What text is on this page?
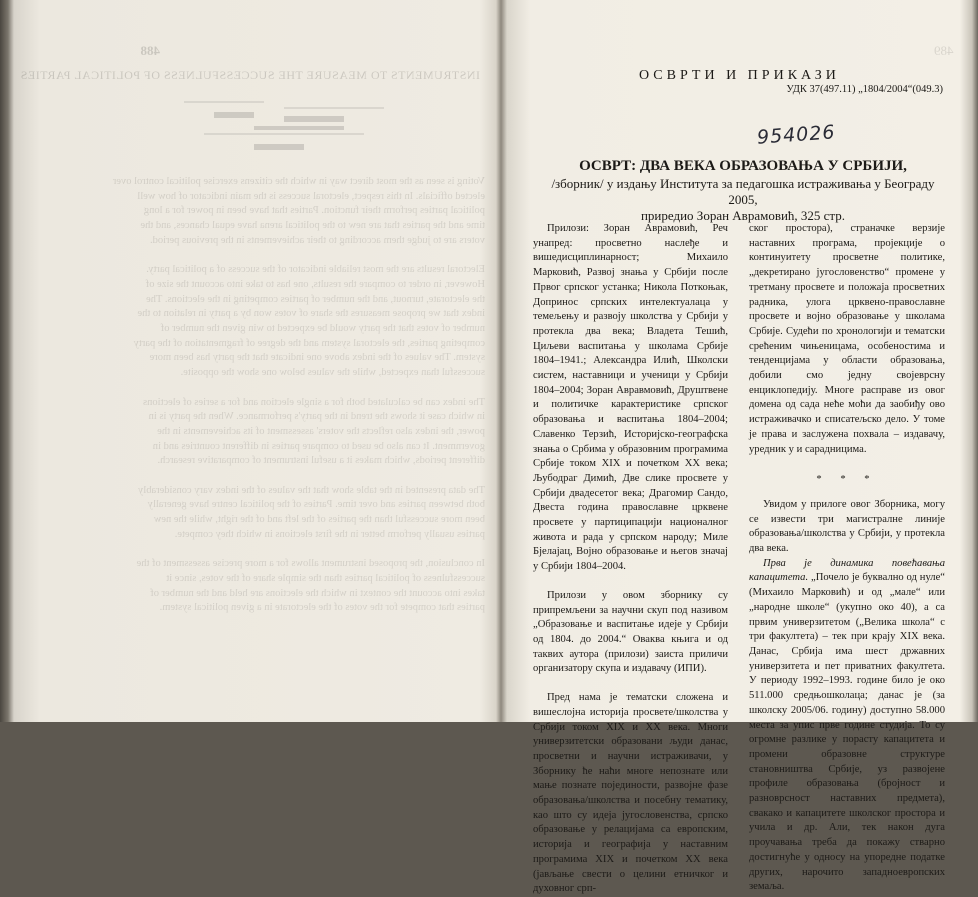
488
INSTRUMENTS TO MEASURE THE SUCCESSFULNESS OF POLITICAL PARTIES
Voting is seen as the most direct way in which the citizens exercise political control over
elected officials. In this respect, electoral success is the main indicator of how well
political parties perform their function. Parties that have been in power for a long
time and the parties that are new to the political arena have equal chances, and the
voters are to judge them according to their achievements in the previous period.

Electoral results are the most reliable indicator of the success of a political party.
However, in order to compare the results, one has to take into account the size of
the electorate, turnout, and the number of parties competing in the elections. The
index that we propose measures the share of votes won by a party in relation to the
number of votes that the party would be expected to win given the number of
competing parties, the electoral system and the degree of fragmentation of the party
system. The values of the index above one indicate that the party has been more
successful than expected, while the values below one show the opposite.

The index can be calculated both for a single election and for a series of elections
in which case it shows the trend in the party's performance. When the party is in
power, the index also reflects the voters' assessment of its achievements in the
government. It can also be used to compare parties in different countries and in
different periods, which makes it a useful instrument of comparative research.

The data presented in the table show that the values of the index vary considerably
both between parties and over time. Parties of the political centre have generally
been more successful than the parties of the left and of the right, while the new
parties usually perform better in the first elections in which they compete.

In conclusion, the proposed instrument allows for a more precise assessment of the
successfulness of political parties than the simple share of the votes, since it
takes into account the context in which the elections are held and the number of
parties that compete for the votes of the electorate in a given political system.
489
ОСВРТИ И ПРИКАЗИ
УДК 37(497.11) „1804/2004“(049.3)
954026
ОСВРТ: ДВА ВЕКА ОБРАЗОВАЊА У СРБИЈИ,
/зборник/ у издању Института за педагошка истраживања у Београду 2005,
приредио Зоран Аврамовић, 325 стр.

Прилози: Зоран Аврамовић, Реч унапред: просветно наслеђе и вишедисциплинарност; Михаило Марковић, Развој знања у Србији после Првог српског устанка; Никола Поткоњак, Допринос српских интелектуалаца у темељењу и развоју школства у Србији у протекла два века; Владета Тешић, Циљеви васпитања у школама Србије 1804–1941.; Александра Илић, Школски систем, наставници и ученици у Србији 1804–2004; Зоран Авравмовић, Друштвене и политичке карактеристике српског образовања и васпитања 1804–2004; Славенко Терзић, Историјско-географска знања о Србима у образовним програмима Србије током XIX и почетком XX века; Љубодраг Димић, Две слике просвете у Србији двадесетог века; Драгомир Сандо, Двеста година православне црквене просвете у партиципацији националног живота и рада у српском народу; Миле Бјелајац, Војно образовање и његов значај у Србији 1804–2004.

Прилози у овом зборнику су припремљени за научни скуп под називом „Образовање и васпитање идеје у Србији од 1804. до 2004.“ Оваква књига и од таквих аутора (прилози) заиста приличи организатору скупа и издавачу (ИПИ).

Пред нама је тематски сложена и вишеслојна историја просвете/школства у Србији током XIX и XX века. Многи универзитетски образовани људи данас, просветни и научни истраживачи, у Зборнику ће наћи многе непознате или мање познате појединости, развојне фазе образовања/школства и посебну тематику, као што су идеја југословенства, српско образовање у релацијама са европским, историја и географија у наставним програмима XIX и почетком XX века (јављање свести о целини етничког и духовног срп-

ског простора), страначке верзије наставних програма, пројекције о континуитету просветне политике, „декретирано југословенство“ промене у третману просвете и положаја просветних радника, улога црквено-православне просвете и војно образовање у школама Србије. Судећи по хронологији и тематски срећеним чињеницама, особеностима и тенденцијама у области образовања, добили смо једну својеврсну енциклопедију. Многе расправе из овог домена од сада неће моћи да заобиђу ово истраживачко и списатељско дело. У томе је права и заслужена похвала – издавачу, уредник у и сарадницима.

* * *

Увидом у прилоге овог Зборника, могу се извести три магистралне линије образовања/школства у Србији, у протекла два века.

Прва је динамика повећавања капацитета. „Почело је буквално од нуле“ (Михаило Марковић) и од „мале“ или „народне школе“ (укупно око 40), а са првим универзитетом („Велика школа“ с три факултета) – тек при крају XIX века. Данас, Србија има шест државних универзитета и пет приватних факултета. У периоду 1992–1993. године било је око 511.000 средњошколаца; данас је (за школску 2005/06. годину) доступно 58.000 места за упис прве године студија. То су огромне разлике у порасту капацитета и промени образовне структуре становништва Србије, уз развојене профиле образовања (бројност и разноврсност наставних предмета), свакако и капацитете школског простора и учила и др. Али, тек након дуга проучавања треба да покажу стварно достигнуће у односу на упоредне податке других, нарочито западноевропских земаља.
